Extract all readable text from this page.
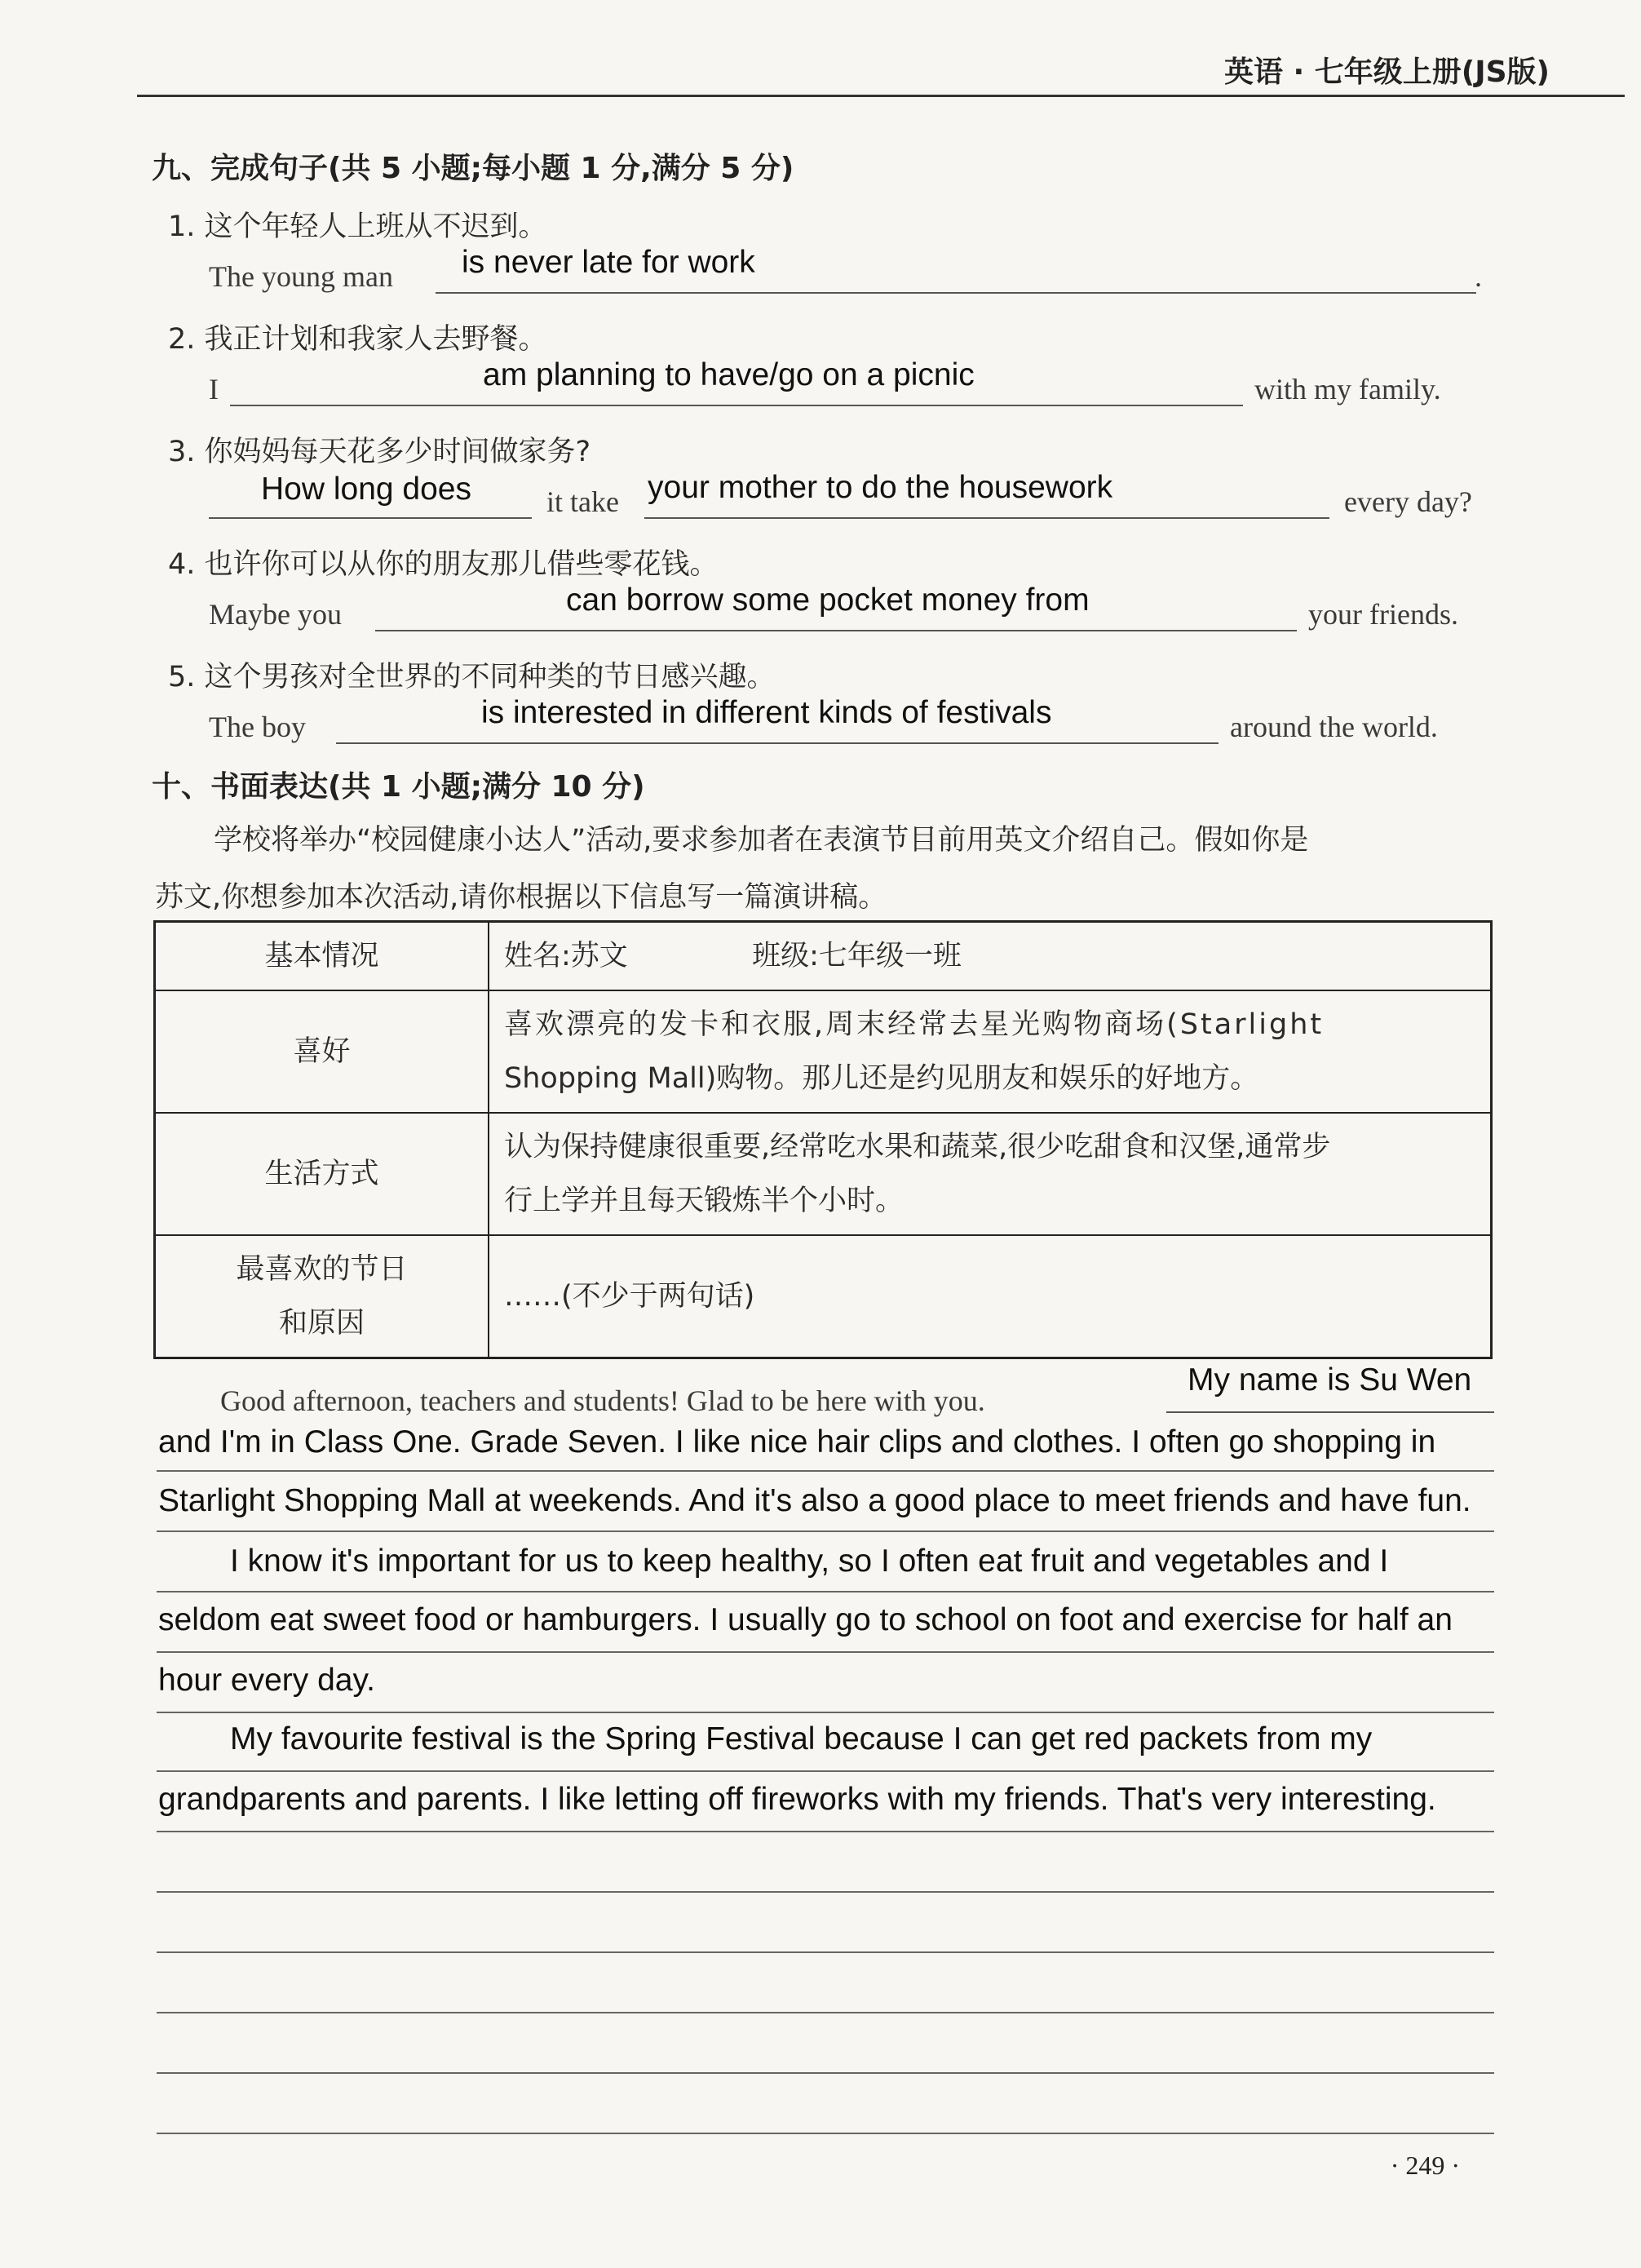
英语 · 七年级上册(JS版)
九、完成句子(共 5 小题;每小题 1 分,满分 5 分)
1. 这个年轻人上班从不迟到。
The young man is never late for work	.
2. 我正计划和我家人去野餐。
I	am planning to have/go on a picnic	with my family.
3. 你妈妈每天花多少时间做家务?
How long does	it take your mother to do the housework	every day?
4. 也许你可以从你的朋友那儿借些零花钱。
Maybe you	can borrow some pocket money from	your friends.
5. 这个男孩对全世界的不同种类的节日感兴趣。
The boy	is interested in different kinds of festivals	around the world.
十、书面表达(共 1 小题;满分 10 分)
学校将举办“校园健康小达人”活动,要求参加者在表演节目前用英文介绍自己。假如你是
苏文,你想参加本次活动,请你根据以下信息写一篇演讲稿。
基本情况	姓名:苏文 班级:七年级一班
喜好	喜欢漂亮的发卡和衣服,周末经常去星光购物商场(Starlight
Shopping Mall)购物。那儿还是约见朋友和娱乐的好地方。

生活方式	认为保持健康很重要,经常吃水果和蔬菜,很少吃甜食和汉堡,通常步
行上学并且每天锻炼半个小时。

最喜欢的节日
和原因	……(不少于两句话)
Good afternoon, teachers and students! Glad to be here with you.
My name is Su Wen
and I'm in Class One. Grade Seven. I like nice hair clips and clothes. I often go shopping in
Starlight Shopping Mall at weekends. And it's also a good place to meet friends and have fun.
I know it's important for us to keep healthy, so I often eat fruit and vegetables and I
seldom eat sweet food or hamburgers. I usually go to school on foot and exercise for half an
hour every day.
My favourite festival is the Spring Festival because I can get red packets from my
grandparents and parents. I like letting off fireworks with my friends. That's very interesting.
· 249 ·
